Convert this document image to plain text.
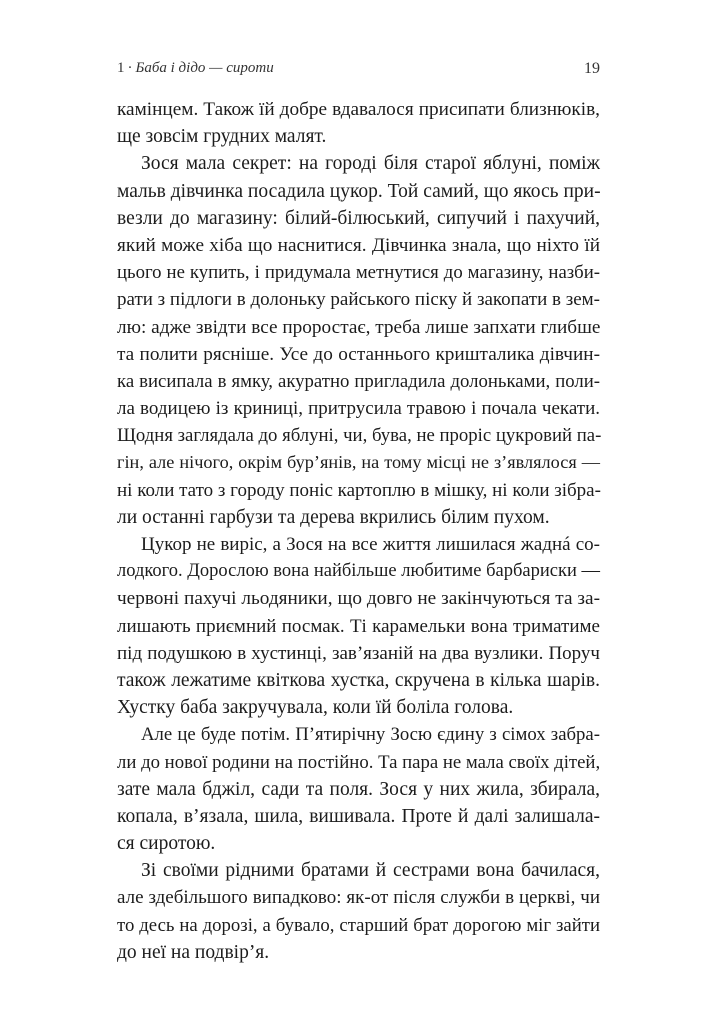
1 · Баба і дідо — сироти	19
камінцем. Також їй добре вдавалося присипати близнюків,
ще зовсім грудних малят.
Зося мала секрет: на городі біля старої яблуні, поміж
мальв дівчинка посадила цукор. Той самий, що якось при-
везли до магазину: білий-білюський, сипучий і пахучий,
який може хіба що наснитися. Дівчинка знала, що ніхто їй
цього не купить, і придумала метнутися до магазину, назби-
рати з підлоги в долоньку райського піску й закопати в зем-
лю: адже звідти все проростає, треба лише запхати глибше
та полити рясніше. Усе до останнього кришталика дівчин-
ка висипала в ямку, акуратно пригладила долоньками, поли-
ла водицею із криниці, притрусила травою і почала чекати.
Щодня заглядала до яблуні, чи, бува, не проріс цукровий па-
гін, але нічого, окрім бур’янів, на тому місці не з’являлося —
ні коли тато з городу поніс картоплю в мішку, ні коли зібра-
ли останні гарбузи та дерева вкрились білим пухом.
Цукор не виріс, а Зося на все життя лишилася жаднá со-
лодкого. Дорослою вона найбільше любитиме барбариски —
червоні пахучі льодяники, що довго не закінчуються та за-
лишають приємний посмак. Ті карамельки вона триматиме
під подушкою в хустинці, зав’язаній на два вузлики. Поруч
також лежатиме квіткова хустка, скручена в кілька шарів.
Хустку баба закручувала, коли їй боліла голова.
Але це буде потім. П’ятирічну Зосю єдину з сімох забра-
ли до нової родини на постійно. Та пара не мала своїх дітей,
зате мала бджіл, сади та поля. Зося у них жила, збирала,
копала, в’язала, шила, вишивала. Проте й далі залишала-
ся сиротою.
Зі своїми рідними братами й сестрами вона бачилася,
але здебільшого випадково: як-от після служби в церкві, чи
то десь на дорозі, а бувало, старший брат дорогою міг зайти
до неї на подвір’я.
